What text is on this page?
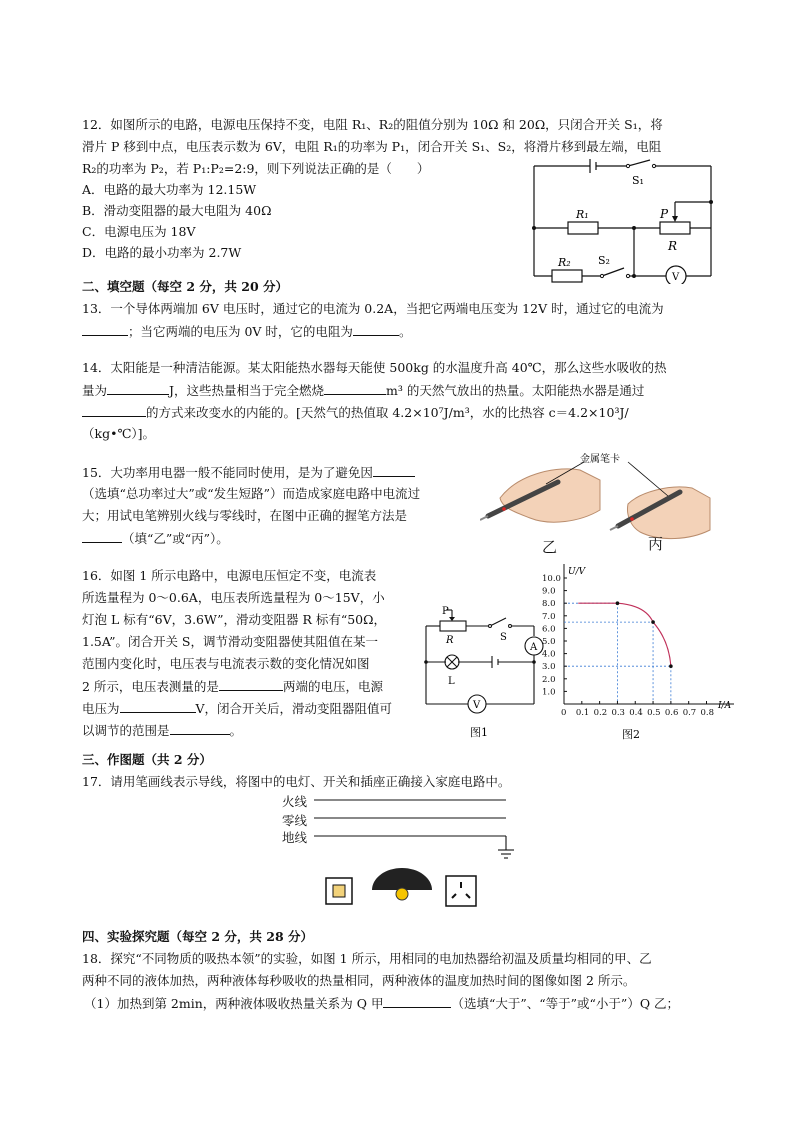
12．如图所示的电路，电源电压保持不变，电阻 R₁、R₂的阻值分别为 10Ω 和 20Ω，只闭合开关 S₁，将
滑片 P 移到中点，电压表示数为 6V，电阻 R₁的功率为 P₁，闭合开关 S₁、S₂，将滑片移到最左端，电阻
R₂的功率为 P₂，若 P₁:P₂=2:9，则下列说法正确的是（　　）
A．电路的最大功率为 12.15W
B．滑动变阻器的最大电阻为 40Ω
C．电源电压为 18V
D．电路的最小功率为 2.7W
S₁
R₁	P
R
R₂ S₂
V
二、填空题（每空 2 分，共 20 分）
13．一个导体两端加 6V 电压时，通过它的电流为 0.2A，当把它两端电压变为 12V 时，通过它的电流为
；当它两端的电压为 0V 时，它的电阻为	。
14．太阳能是一种清洁能源。某太阳能热水器每天能使 500kg 的水温度升高 40℃，那么这些水吸收的热
量为	J，这些热量相当于完全燃烧	m³ 的天然气放出的热量。太阳能热水器是通过
的方式来改变水的内能的。[天然气的热值取 4.2×10⁷J/m³，水的比热容 c＝4.2×10³J/
（kg•℃）]。
15．大功率用电器一般不能同时使用，是为了避免因
（选填“总功率过大”或“发生短路”）而造成家庭电路中电流过
大；用试电笔辨别火线与零线时，在图中正确的握笔方法是
（填“乙”或“丙”）。
金属笔卡
乙	丙
16．如图 1 所示电路中，电源电压恒定不变，电流表
所选量程为 0～0.6A，电压表所选量程为 0～15V，小
灯泡 L 标有“6V，3.6W”，滑动变阻器 R 标有“50Ω，
1.5A”。闭合开关 S，调节滑动变阻器使其阻值在某一
范围内变化时，电压表与电流表示数的变化情况如图
2 所示，电压表测量的是	两端的电压，电源
电压为	V，闭合开关后，滑动变阻器阻值可
以调节的范围是	。
P
R	S
A
L
V
图1
10.0
9.0
8.0
7.0
6.0
5.0
4.0
3.0
2.0
1.0
0 0.1 0.2 0.3 0.4 0.5 0.6 0.7 0.8
U/V
I/A
图2
三、作图题（共 2 分）
17．请用笔画线表示导线，将图中的电灯、开关和插座正确接入家庭电路中。
火线
零线
地线
四、实验探究题（每空 2 分，共 28 分）
18．探究“不同物质的吸热本领”的实验，如图 1 所示，用相同的电加热器给初温及质量均相同的甲、乙
两种不同的液体加热，两种液体每秒吸收的热量相同，两种液体的温度加热时间的图像如图 2 所示。
（1）加热到第 2min，两种液体吸收热量关系为 Q 甲	（选填“大于”、“等于”或“小于”）Q 乙；
